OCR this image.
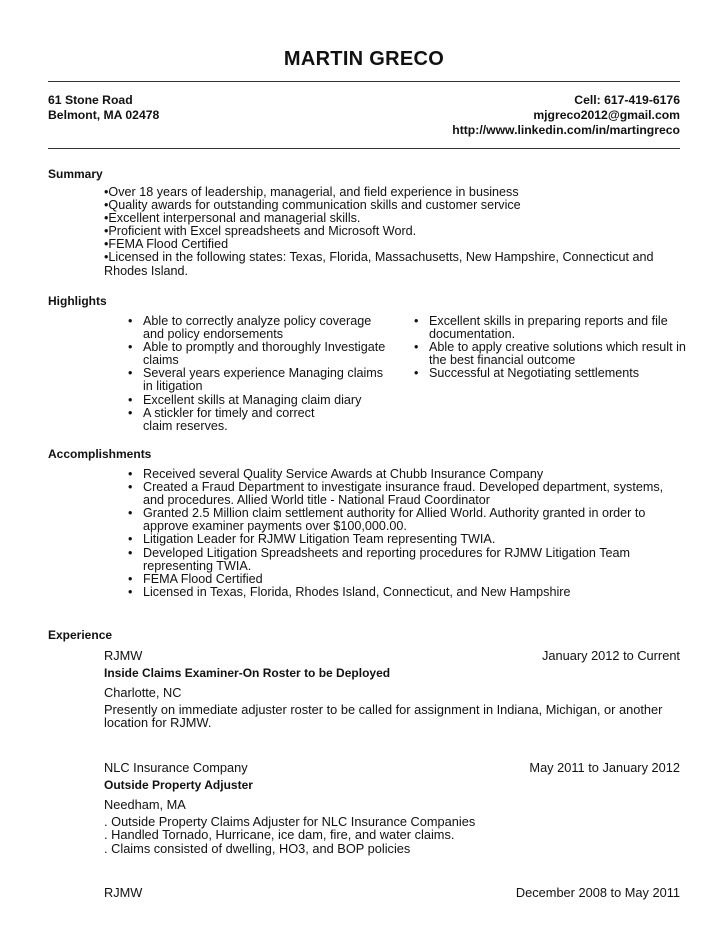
MARTIN GRECO
61 Stone Road
Belmont, MA 02478
Cell: 617-419-6176
mjgreco2012@gmail.com
http://www.linkedin.com/in/martingreco
Summary
•Over 18 years of leadership, managerial, and field experience in business
•Quality awards for outstanding communication skills and customer service
•Excellent interpersonal and managerial skills.
•Proficient with Excel spreadsheets and Microsoft Word.
•FEMA Flood Certified
•Licensed in the following states: Texas, Florida, Massachusetts, New Hampshire, Connecticut and Rhodes Island.
Highlights
• Able to correctly analyze policy coverage and policy endorsements
• Able to promptly and thoroughly Investigate claims
• Several years experience Managing claims in litigation
• Excellent skills at Managing claim diary
• A stickler for timely and correct claim reserves.
• Excellent skills in preparing reports and file documentation.
• Able to apply creative solutions which result in the best financial outcome
• Successful at Negotiating settlements
Accomplishments
• Received several Quality Service Awards at Chubb Insurance Company
• Created a Fraud Department to investigate insurance fraud. Developed department, systems, and procedures. Allied World title - National Fraud Coordinator
• Granted 2.5 Million claim settlement authority for Allied World. Authority granted in order to approve examiner payments over $100,000.00.
• Litigation Leader for RJMW Litigation Team representing TWIA.
• Developed Litigation Spreadsheets and reporting procedures for RJMW Litigation Team representing TWIA.
• FEMA Flood Certified
• Licensed in Texas, Florida, Rhodes Island, Connecticut, and New Hampshire
Experience
RJMW	January 2012 to Current
Inside Claims Examiner-On Roster to be Deployed
Charlotte, NC
Presently on immediate adjuster roster to be called for assignment in Indiana, Michigan, or another location for RJMW.
NLC Insurance Company	May 2011 to January 2012
Outside Property Adjuster
Needham, MA
. Outside Property Claims Adjuster for NLC Insurance Companies
. Handled Tornado, Hurricane, ice dam, fire, and water claims.
. Claims consisted of dwelling, HO3, and BOP policies
RJMW	December 2008 to May 2011
